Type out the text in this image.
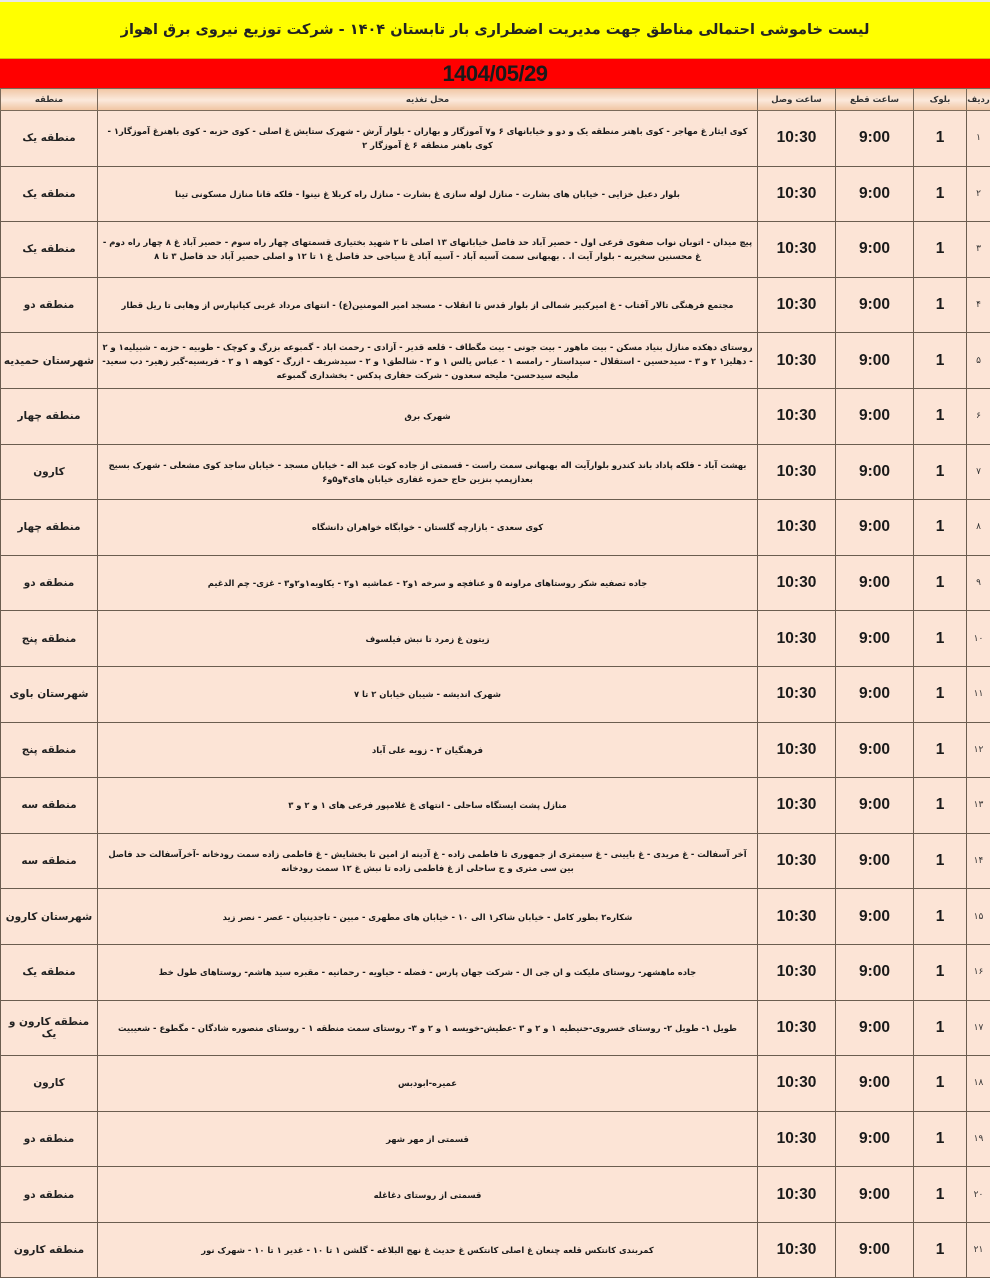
لیست خاموشی احتمالی مناطق جهت مدیریت اضطراری بار تابستان ۱۴۰۴ - شرکت توزیع نیروی برق اهواز
1404/05/29
ردیف	بلوک	ساعت قطع	ساعت وصل	محل تغذیه	منطقه
۱	1	9:00	10:30	کوی ایثار غ مهاجر - کوی باهنر منطقه یک و دو و خیابانهای ۶ و۷ آموزگار و بهاران - بلوار آرش - شهرک ستایش غ اصلی - کوی حزبه - کوی باهنرغ آموزگار۱ - کوی باهنر منطقه ۶ غ آموزگار ۲	منطقه یک
۲	1	9:00	10:30	بلوار دعبل خزایی - خیابان های بشارت - منازل لوله سازی غ بشارت - منازل راه کربلا غ نینوا - فلکه قانا منازل مسکونی تینا	منطقه یک
۳	1	9:00	10:30	پیچ میدان - اتوبان نواب صفوی فرعی اول - حصیر آباد حد فاصل خیابانهای ۱۳ اصلی تا ۲ شهید بختیاری قسمتهای چهار راه سوم - حصیر آباد غ ۸ چهار راه دوم - غ محسنین سخیریه - بلوار آیت ا. . بهبهانی سمت آسیه آباد - آسیه آباد غ سیاحی حد فاصل غ ۱ تا ۱۲ و اصلی حصیر آباد حد فاصل ۳ تا ۸	منطقه یک
۴	1	9:00	10:30	مجتمع فرهنگی تالار آفتاب - غ امیرکبیر شمالی از بلوار قدس تا انقلاب - مسجد امیر المومنین(ع) - انتهای مرداد غربی کیانپارس از وهابی تا ریل قطار	منطقه دو
۵	1	9:00	10:30	روستای دهکده منازل بنیاد مسکن - بیت ماهور - بیت جونی - بیت مگطاف - قلعه قدیر - آزادی - رحمت اباد - گمبوعه بزرگ و کوچک - طوبیه - حزبه - شبیلیه۱ و ۲ - دهلیز۱ ۲ و ۳ - سیدحسین - استقلال - سیداستار - رامسه ۱ - عباس یالس ۱ و ۲ - شالطق۱ و ۲ - سیدشریف - ازرگ - کوهه ۱ و ۲ - فریسیه-گبر زهیر- دب سعید- ملیحه سیدحسن- ملیحه سعدون - شرکت حفاری پدکس - بخشداری گمبوعه	شهرستان حمیدیه
۶	1	9:00	10:30	شهرک برق	منطقه چهار
۷	1	9:00	10:30	بهشت آباد - فلکه پاداد باند کندرو بلوارآیت اله بهبهانی سمت راست - قسمتی از جاده کوت عبد اله - خیابان مسجد - خیابان ساجد کوی مشعلی - شهرک بسیج بعدازپمپ بنزین حاج حمزه غفاری خیابان های۴و۵و۶	کارون
۸	1	9:00	10:30	کوی سعدی - بازارچه گلستان - خوابگاه خواهران دانشگاه	منطقه چهار
۹	1	9:00	10:30	جاده تصفیه شکر روستاهای مراونه ۵ و عنافچه و سرخه ۱و۲ - عماشیه ۱و۲ - یکاویه۱و۲و۳ - غزی- چم الدغیم	منطقه دو
۱۰	1	9:00	10:30	زیتون غ زمرد تا نبش فیلسوف	منطقه پنج
۱۱	1	9:00	10:30	شهرک اندیشه - شیبان خیابان ۲ تا ۷	شهرستان باوی
۱۲	1	9:00	10:30	فرهنگیان ۲ - زویه علی آباد	منطقه پنج
۱۳	1	9:00	10:30	منازل پشت ایستگاه ساحلی - انتهای غ غلامپور فرعی های ۱ و ۲ و ۳	منطقه سه
۱۴	1	9:00	10:30	آخر آسفالت - غ مریدی - غ بایینی - غ سیمتری از جمهوری تا فاطمی زاده - غ آدینه از امین تا بخشایش - غ فاطمی زاده سمت رودخانه -آخرآسفالت حد فاصل بین سی متری و ج ساحلی از غ فاطمی زاده تا نبش غ ۱۲ سمت رودخانه	منطقه سه
۱۵	1	9:00	10:30	شکاره۲ بطور کامل - خیابان شاکر۱ الی ۱۰ - خیابان های مطهری - مبین - تاجدینیان - عصر - نصر زید	شهرستان کارون
۱۶	1	9:00	10:30	جاده ماهشهر- روستای ملیکت و ان جی ال - شرکت جهان پارس - فضله - حیاویه - رحمانیه - مقبره سید هاشم- روستاهای طول خط	منطقه یک
۱۷	1	9:00	10:30	طویل ۱- طویل ۲- روستای خسروی-حنیطیه ۱ و ۲ و ۳ -عطیش-خویسه ۱ و ۲ و ۳- روستای سمت منطقه ۱ - روستای منصوره شادگان - مگطوع - شعیبیت	منطقه کارون و یک
۱۸	1	9:00	10:30	عمیره-ابودبس	کارون
۱۹	1	9:00	10:30	قسمتی از مهر شهر	منطقه دو
۲۰	1	9:00	10:30	قسمتی از روستای دغاغله	منطقه دو
۲۱	1	9:00	10:30	کمربندی کانتکس قلعه چنعان غ اصلی کانتکس غ حدیث غ نهج البلاغه - گلشن ۱ تا ۱۰ - غدیر ۱ تا ۱۰ - شهرک نور	منطقه کارون
